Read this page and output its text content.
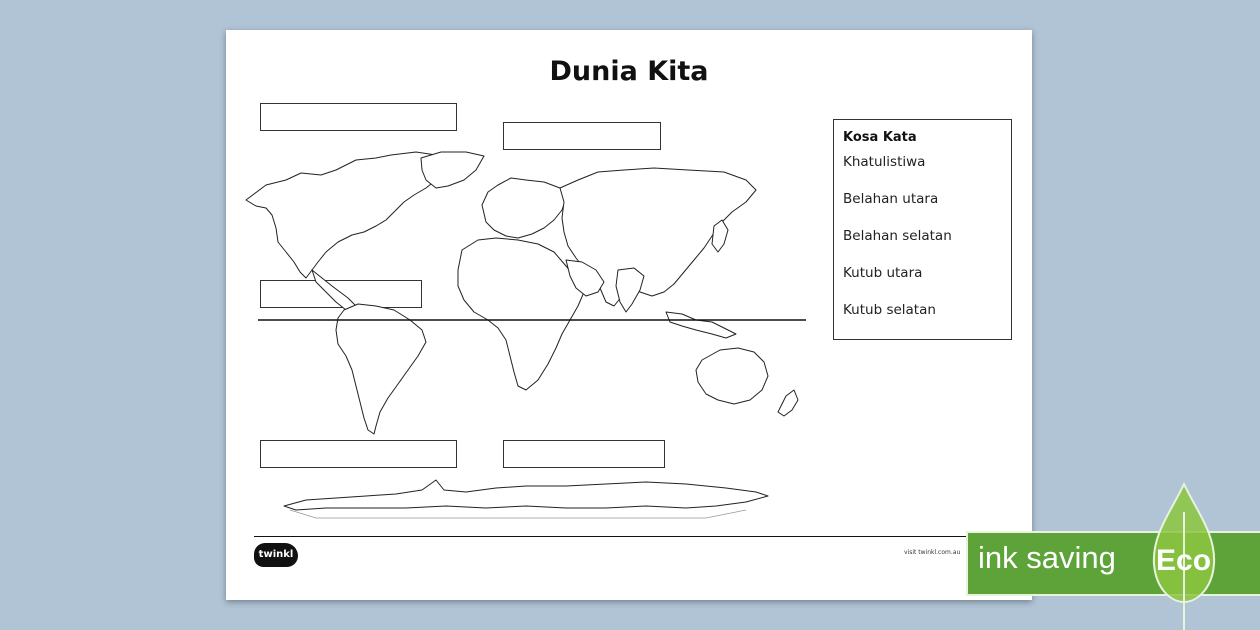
Dunia Kita
Kosa Kata
Khatulistiwa
Belahan utara
Belahan selatan
Kutub utara
Kutub selatan
twinkl	visit twinkl.com.au ink saving Eco
